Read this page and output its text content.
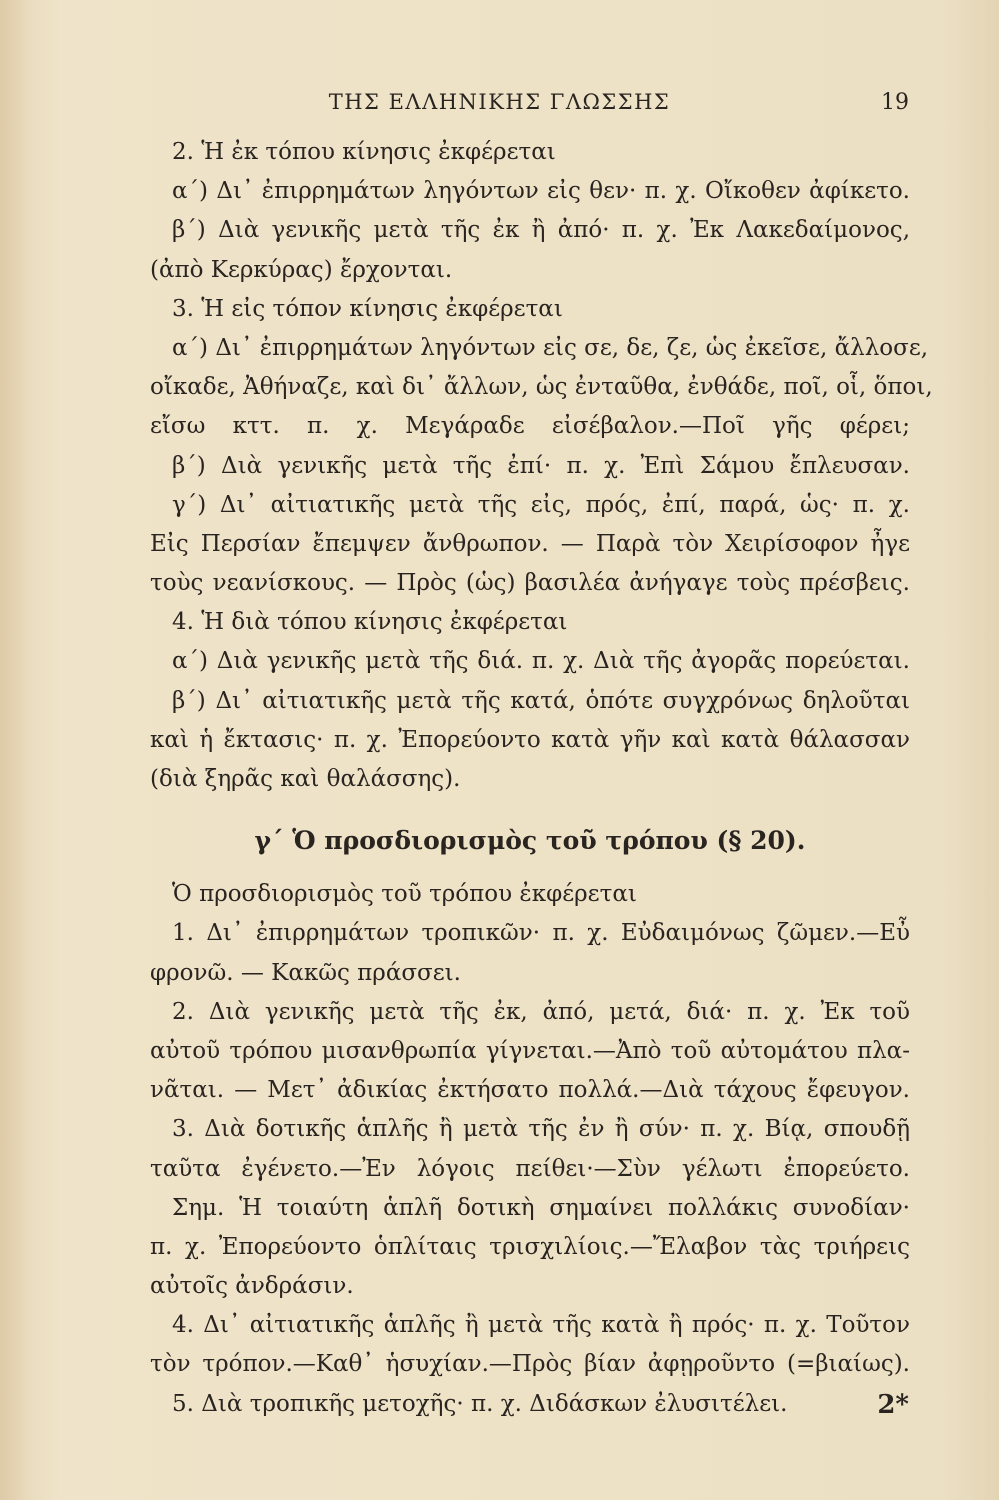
ΤΗΣ ΕΛΛΗΝΙΚΗΣ ΓΛΩΣΣΗΣ	19
2. Ἡ ἐκ τόπου κίνησις ἐκφέρεται
α΄) Δι᾽ ἐπιρρημάτων ληγόντων εἰς θεν· π. χ. Οἴκοθεν ἀφίκετο.
β΄) Διὰ γενικῆς μετὰ τῆς ἐκ ἢ ἀπό· π. χ. Ἐκ Λακεδαίμονος,
(ἀπὸ Κερκύρας) ἔρχονται.
3. Ἡ εἰς τόπον κίνησις ἐκφέρεται
α΄) Δι᾽ ἐπιρρημάτων ληγόντων εἰς σε, δε, ζε, ὡς ἐκεῖσε, ἄλλοσε,
οἴκαδε, Ἀθήναζε, καὶ δι᾽ ἄλλων, ὡς ἐνταῦθα, ἐνθάδε, ποῖ, οἷ, ὅποι,
εἴσω κττ. π. χ. Μεγάραδε εἰσέβαλον.—Ποῖ γῆς φέρει;
β΄) Διὰ γενικῆς μετὰ τῆς ἐπί· π. χ. Ἐπὶ Σάμου ἔπλευσαν.
γ΄) Δι᾽ αἰτιατικῆς μετὰ τῆς εἰς, πρός, ἐπί, παρά, ὡς· π. χ.
Εἰς Περσίαν ἔπεμψεν ἄνθρωπον. — Παρὰ τὸν Χειρίσοφον ἦγε
τοὺς νεανίσκους. — Πρὸς (ὡς) βασιλέα ἀνήγαγε τοὺς πρέσβεις.
4. Ἡ διὰ τόπου κίνησις ἐκφέρεται
α΄) Διὰ γενικῆς μετὰ τῆς διά. π. χ. Διὰ τῆς ἀγορᾶς πορεύεται.
β΄) Δι᾽ αἰτιατικῆς μετὰ τῆς κατά, ὁπότε συγχρόνως δηλοῦται
καὶ ἡ ἔκτασις· π. χ. Ἐπορεύοντο κατὰ γῆν καὶ κατὰ θάλασσαν
(διὰ ξηρᾶς καὶ θαλάσσης).
γ΄ Ὁ προσδιορισμὸς τοῦ τρόπου (§ 20).
Ὁ προσδιορισμὸς τοῦ τρόπου ἐκφέρεται
1. Δι᾽ ἐπιρρημάτων τροπικῶν· π. χ. Εὐδαιμόνως ζῶμεν.—Εὖ
φρονῶ. — Κακῶς πράσσει.
2. Διὰ γενικῆς μετὰ τῆς ἐκ, ἀπό, μετά, διά· π. χ. Ἐκ τοῦ
αὐτοῦ τρόπου μισανθρωπία γίγνεται.—Ἀπὸ τοῦ αὐτομάτου πλα-
νᾶται. — Μετ᾽ ἀδικίας ἐκτήσατο πολλά.—Διὰ τάχους ἔφευγον.
3. Διὰ δοτικῆς ἁπλῆς ἢ μετὰ τῆς ἐν ἢ σύν· π. χ. Βίᾳ, σπουδῇ
ταῦτα ἐγένετο.—Ἐν λόγοις πείθει·—Σὺν γέλωτι ἐπορεύετο.
Σημ. Ἡ τοιαύτη ἁπλῆ δοτικὴ σημαίνει πολλάκις συνοδίαν·
π. χ. Ἐπορεύοντο ὁπλίταις τρισχιλίοις.—Ἔλαβον τὰς τριήρεις
αὐτοῖς ἀνδράσιν.
4. Δι᾽ αἰτιατικῆς ἁπλῆς ἢ μετὰ τῆς κατὰ ἢ πρός· π. χ. Τοῦτον
τὸν τρόπον.—Καθ᾽ ἡσυχίαν.—Πρὸς βίαν ἀφῃροῦντο (=βιαίως).
5. Διὰ τροπικῆς μετοχῆς· π. χ. Διδάσκων ἐλυσιτέλει.	2*
